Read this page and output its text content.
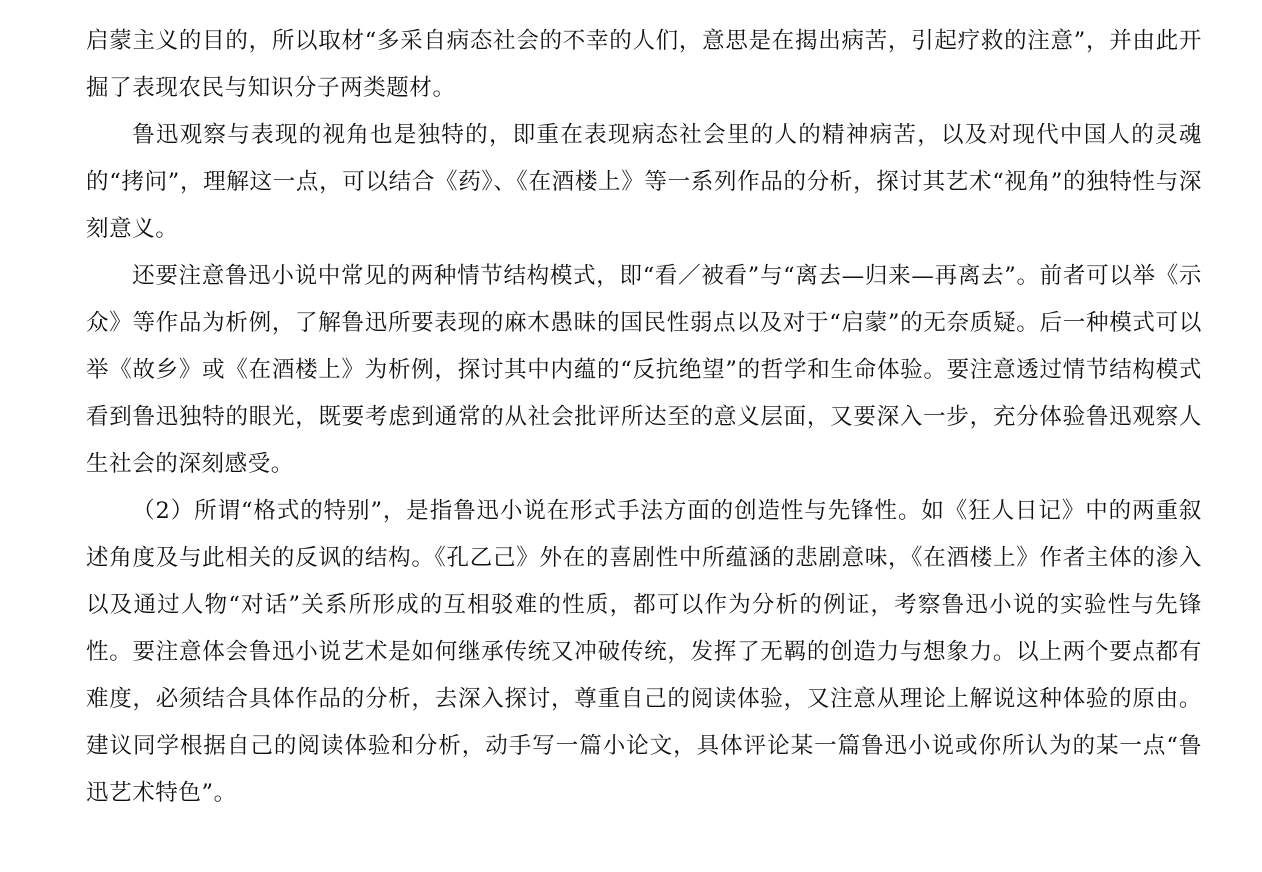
启蒙主义的目的，所以取材“多采自病态社会的不幸的人们，意思是在揭出病苦，引起疗救的注意”，并由此开掘了表现农民与知识分子两类题材。

鲁迅观察与表现的视角也是独特的，即重在表现病态社会里的人的精神病苦，以及对现代中国人的灵魂的“拷问”，理解这一点，可以结合《药》、《在酒楼上》等一系列作品的分析，探讨其艺术“视角”的独特性与深刻意义。

还要注意鲁迅小说中常见的两种情节结构模式，即“看／被看”与“离去—归来—再离去”。前者可以举《示众》等作品为析例，了解鲁迅所要表现的麻木愚昧的国民性弱点以及对于“启蒙”的无奈质疑。后一种模式可以举《故乡》或《在酒楼上》为析例，探讨其中内蕴的“反抗绝望”的哲学和生命体验。要注意透过情节结构模式看到鲁迅独特的眼光，既要考虑到通常的从社会批评所达至的意义层面，又要深入一步，充分体验鲁迅观察人生社会的深刻感受。

（2）所谓“格式的特别”，是指鲁迅小说在形式手法方面的创造性与先锋性。如《狂人日记》中的两重叙述角度及与此相关的反讽的结构。《孔乙己》外在的喜剧性中所蕴涵的悲剧意味，《在酒楼上》作者主体的渗入以及通过人物“对话”关系所形成的互相驳难的性质，都可以作为分析的例证，考察鲁迅小说的实验性与先锋性。要注意体会鲁迅小说艺术是如何继承传统又冲破传统，发挥了无羁的创造力与想象力。以上两个要点都有难度，必须结合具体作品的分析，去深入探讨，尊重自己的阅读体验，又注意从理论上解说这种体验的原由。建议同学根据自己的阅读体验和分析，动手写一篇小论文，具体评论某一篇鲁迅小说或你所认为的某一点“鲁迅艺术特色”。
